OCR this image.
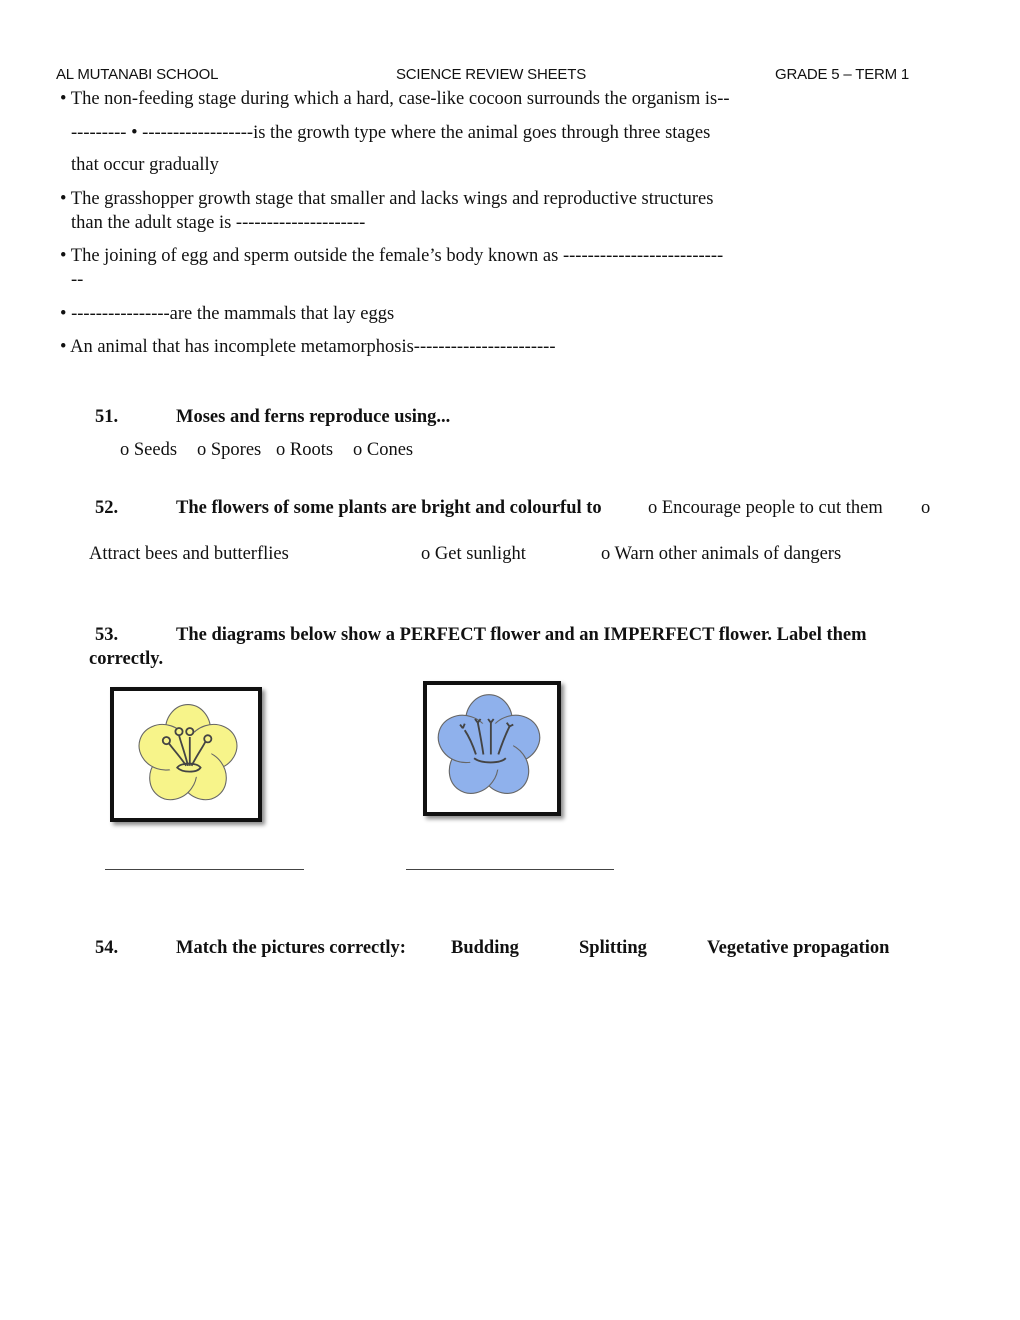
AL MUTANABI SCHOOL	SCIENCE REVIEW SHEETS	GRADE 5 – TERM 1
• The non-feeding stage during which a hard, case-like cocoon surrounds the organism is--
--------- • ------------------is the growth type where the animal goes through three stages
that occur gradually
• The grasshopper growth stage that smaller and lacks wings and reproductive structures
than the adult stage is ---------------------
• The joining of egg and sperm outside the female’s body known as --------------------------
--
• ----------------are the mammals that lay eggs
• An animal that has incomplete metamorphosis-----------------------
51.	Moses and ferns reproduce using...
o Seeds o Spores o Roots o Cones
52.	The flowers of some plants are bright and colourful to	o Encourage people to cut them o
Attract bees and butterflies	o Get sunlight	o Warn other animals of dangers
53.	The diagrams below show a PERFECT flower and an IMPERFECT flower. Label them
correctly.
54.	Match the pictures correctly: Budding	Splitting	Vegetative propagation
